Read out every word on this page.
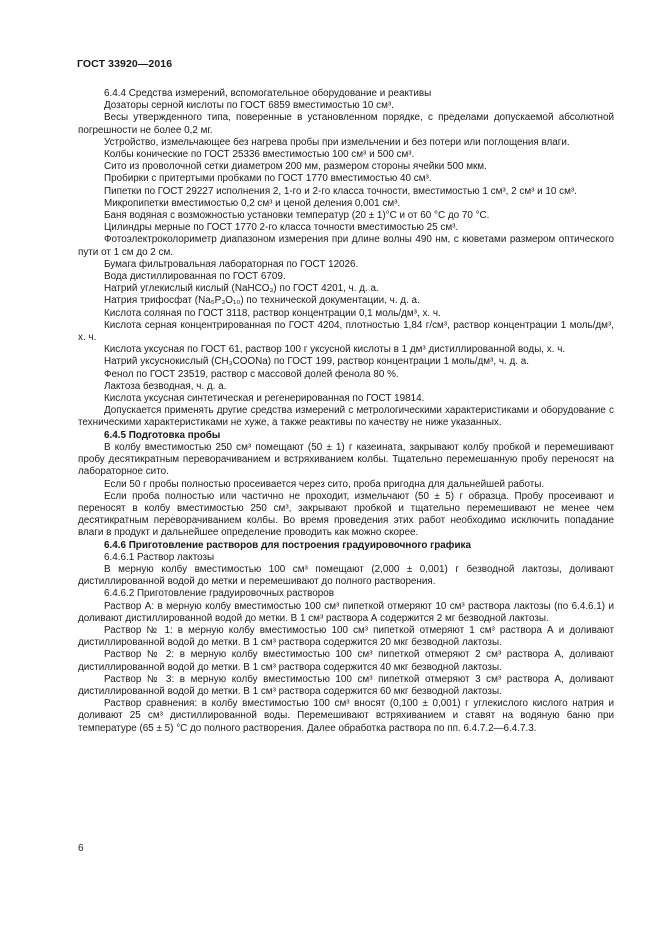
ГОСТ 33920—2016

6.4.4 Средства измерений, вспомогательное оборудование и реактивы

Дозаторы серной кислоты по ГОСТ 6859 вместимостью 10 см³.

Весы утвержденного типа, поверенные в установленном порядке, с пределами допускаемой абсолютной погрешности не более 0,2 мг.

Устройство, измельчающее без нагрева пробы при измельчении и без потери или поглощения влаги.

Колбы конические по ГОСТ 25336 вместимостью 100 см³ и 500 см³.

Сито из проволочной сетки диаметром 200 мм, размером стороны ячейки 500 мкм.

Пробирки с притертыми пробками по ГОСТ 1770 вместимостью 40 см³.

Пипетки по ГОСТ 29227 исполнения 2, 1-го и 2-го класса точности, вместимостью 1 см³, 2 см³ и 10 см³.

Микропипетки вместимостью 0,2 см³ и ценой деления 0,001 см³.

Баня водяная с возможностью установки температур (20 ± 1)°С и от 60 °С до 70 °С.

Цилиндры мерные по ГОСТ 1770 2-го класса точности вместимостью 25 см³.

Фотоэлектроколориметр диапазоном измерения при длине волны 490 нм, с кюветами размером оптического пути от 1 см до 2 см.

Бумага фильтровальная лабораторная по ГОСТ 12026.

Вода дистиллированная по ГОСТ 6709.

Натрий углекислый кислый (NaHCO₃) по ГОСТ 4201, ч. д. а.

Натрия трифосфат (Na₅P₃O₁₀) по технической документации, ч. д. а.

Кислота соляная по ГОСТ 3118, раствор концентрации 0,1 моль/дм³, х. ч.

Кислота серная концентрированная по ГОСТ 4204, плотностью 1,84 г/см³, раствор концентрации 1 моль/дм³, х. ч.

Кислота уксусная по ГОСТ 61, раствор 100 г уксусной кислоты в 1 дм³ дистиллированной воды, х. ч.

Натрий уксуснокислый (CH₃COONa) по ГОСТ 199, раствор концентрации 1 моль/дм³, ч. д. а.

Фенол по ГОСТ 23519, раствор с массовой долей фенола 80 %.

Лактоза безводная, ч. д. а.

Кислота уксусная синтетическая и регенерированная по ГОСТ 19814.

Допускается применять другие средства измерений с метрологическими характеристиками и оборудование с техническими характеристиками не хуже, а также реактивы по качеству не ниже указанных.

6.4.5 Подготовка пробы

В колбу вместимостью 250 см³ помещают (50 ± 1) г казеината, закрывают колбу пробкой и перемешивают пробу десятикратным переворачиванием и встряхиванием колбы. Тщательно перемешанную пробу переносят на лабораторное сито.

Если 50 г пробы полностью просеивается через сито, проба пригодна для дальнейшей работы.

Если проба полностью или частично не проходит, измельчают (50 ± 5) г образца. Пробу просеивают и переносят в колбу вместимостью 250 см³, закрывают пробкой и тщательно перемешивают не менее чем десятикратным переворачиванием колбы. Во время проведения этих работ необходимо исключить попадание влаги в продукт и дальнейшее определение проводить как можно скорее.

6.4.6 Приготовление растворов для построения градуировочного графика

6.4.6.1 Раствор лактозы

В мерную колбу вместимостью 100 см³ помещают (2,000 ± 0,001) г безводной лактозы, доливают дистиллированной водой до метки и перемешивают до полного растворения.

6.4.6.2 Приготовление градуировочных растворов

Раствор А: в мерную колбу вместимостью 100 см³ пипеткой отмеряют 10 см³ раствора лактозы (по 6.4.6.1) и доливают дистиллированной водой до метки. В 1 см³ раствора А содержится 2 мг безводной лактозы.

Раствор № 1: в мерную колбу вместимостью 100 см³ пипеткой отмеряют 1 см³ раствора А и доливают дистиллированной водой до метки. В 1 см³ раствора содержится 20 мкг безводной лактозы.

Раствор № 2: в мерную колбу вместимостью 100 см³ пипеткой отмеряют 2 см³ раствора А, доливают дистиллированной водой до метки. В 1 см³ раствора содержится 40 мкг безводной лактозы.

Раствор № 3: в мерную колбу вместимостью 100 см³ пипеткой отмеряют 3 см³ раствора А, доливают дистиллированной водой до метки. В 1 см³ раствора содержится 60 мкг безводной лактозы.

Раствор сравнения: в колбу вместимостью 100 см³ вносят (0,100 ± 0,001) г углекислого кислого натрия и доливают 25 см³ дистиллированной воды. Перемешивают встряхиванием и ставят на водяную баню при температуре (65 ± 5) °С до полного растворения. Далее обработка раствора по пп. 6.4.7.2—6.4.7.3.

6
